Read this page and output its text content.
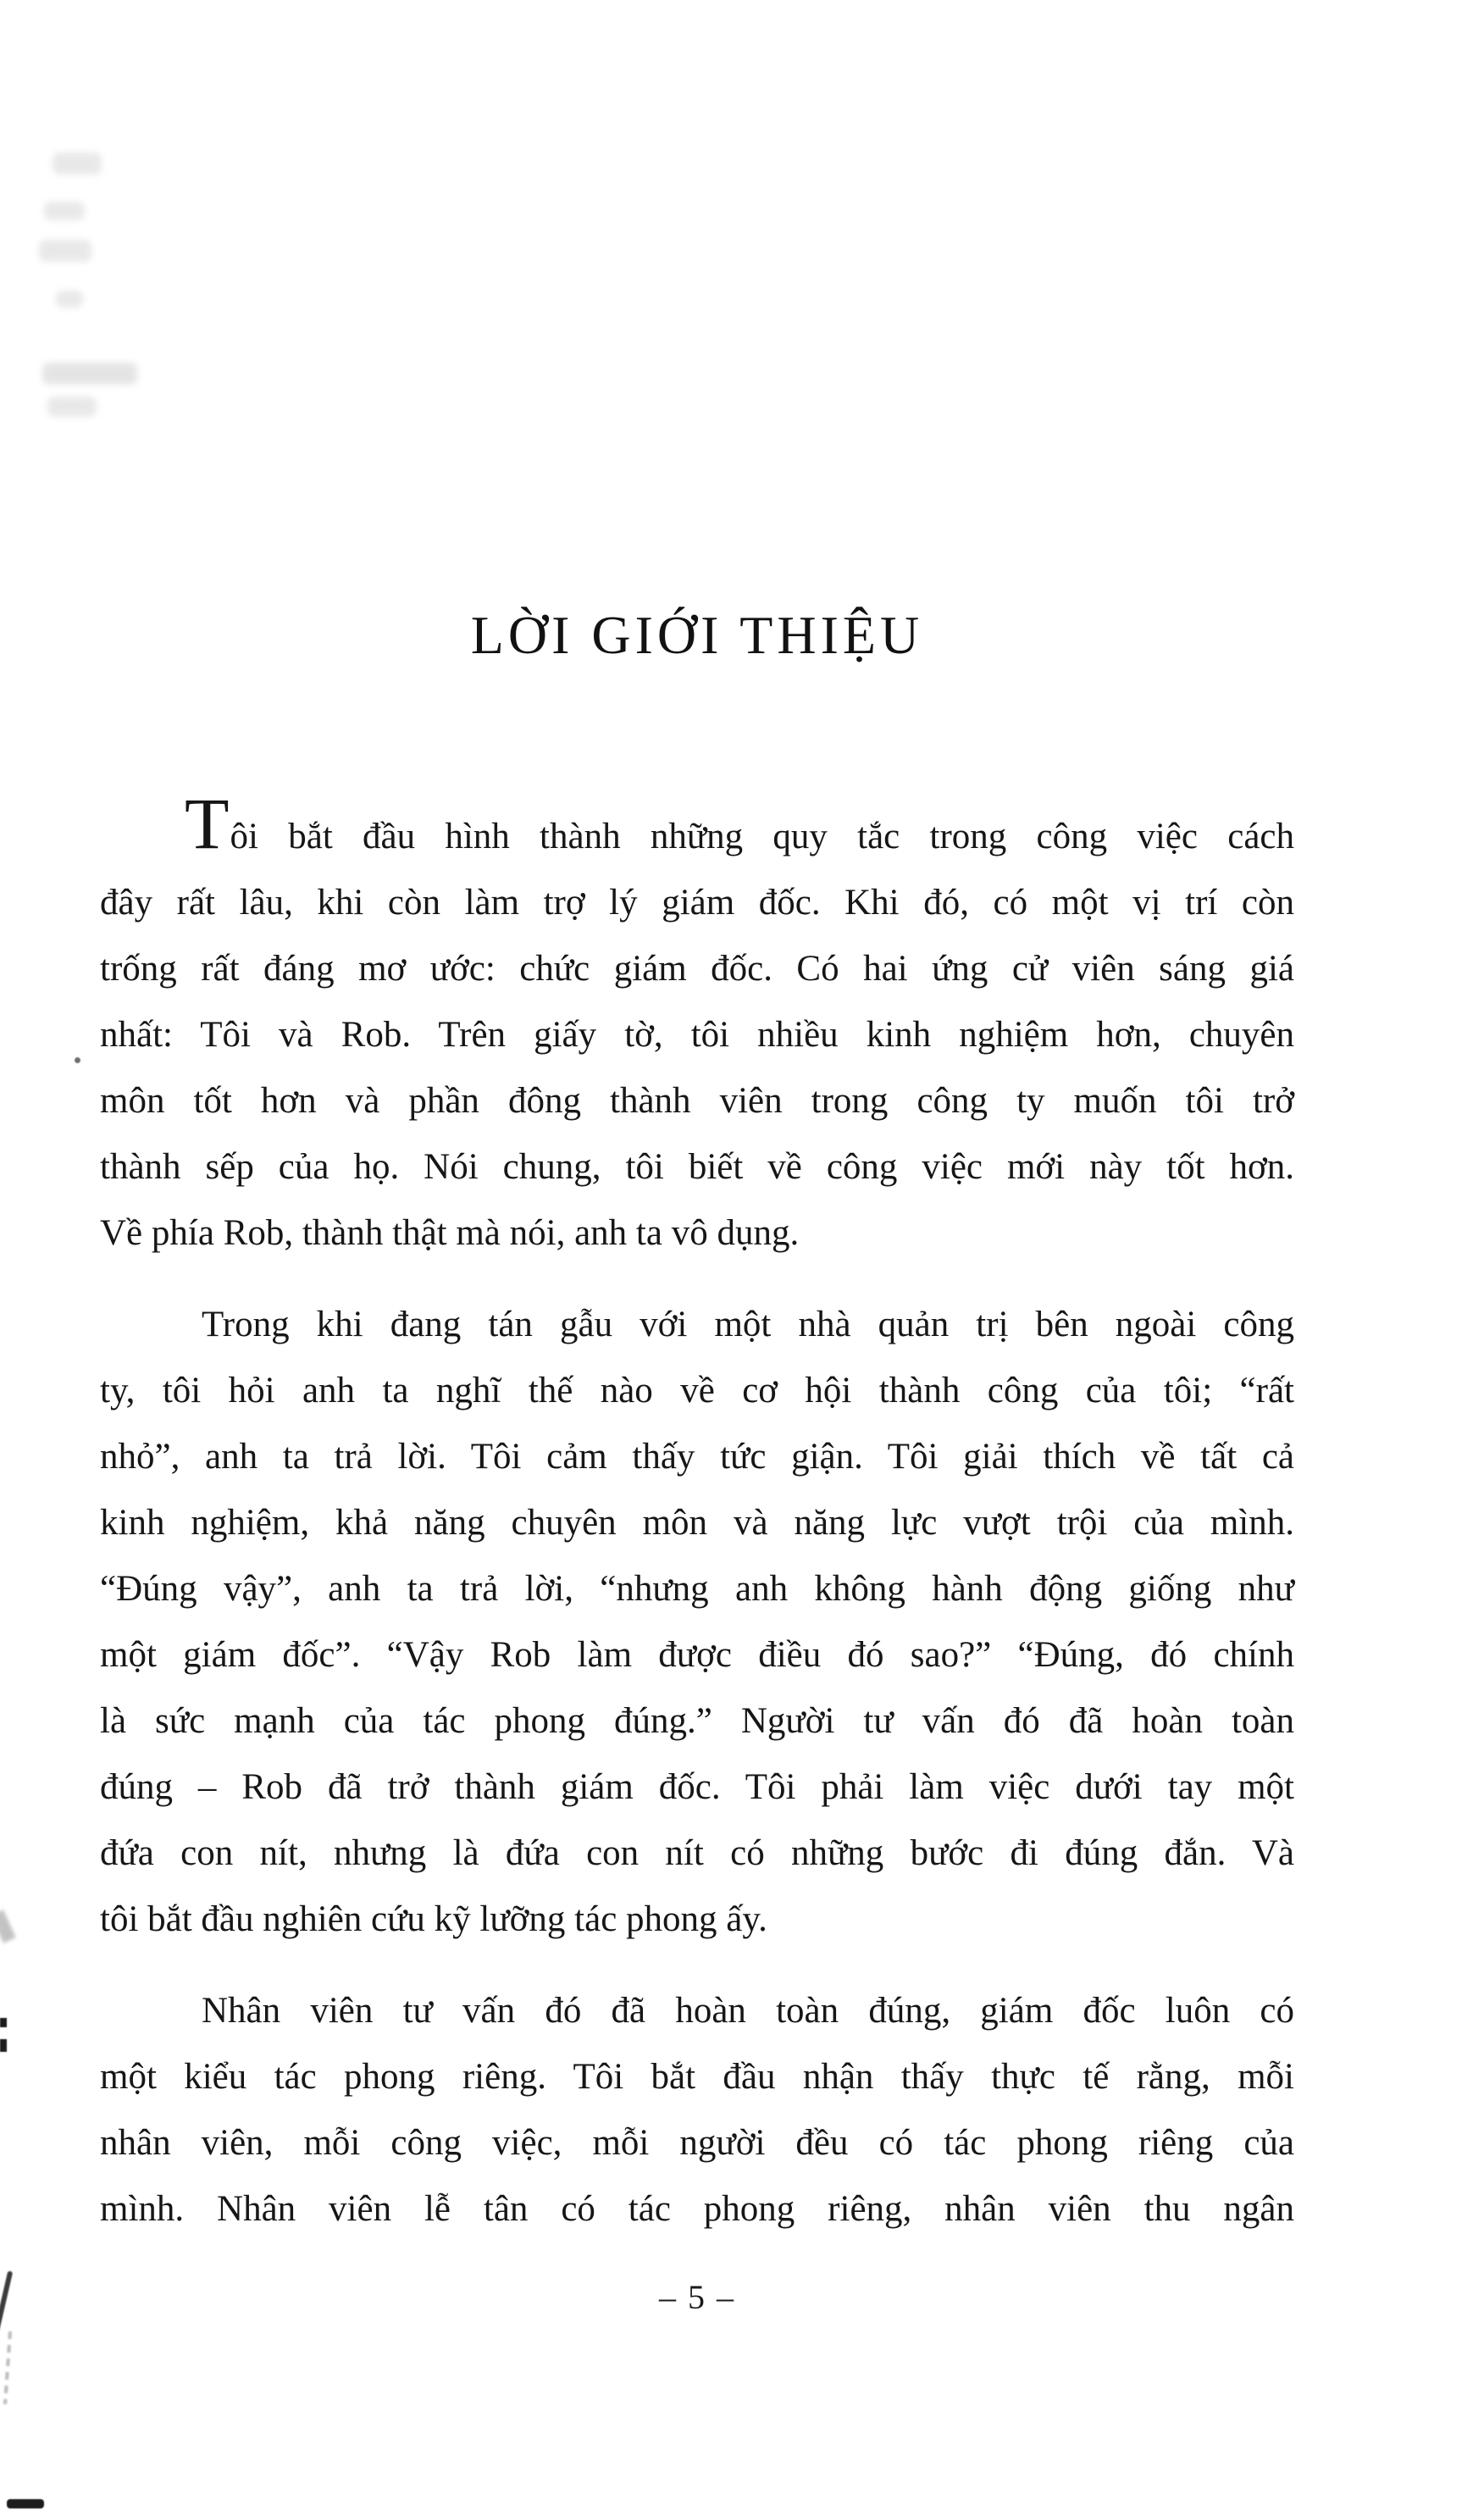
LỜI GIỚI THIỆU
Tôi bắt đầu hình thành những quy tắc trong công việc cách
đây rất lâu, khi còn làm trợ lý giám đốc. Khi đó, có một vị trí còn
trống rất đáng mơ ước: chức giám đốc. Có hai ứng cử viên sáng giá
nhất: Tôi và Rob. Trên giấy tờ, tôi nhiều kinh nghiệm hơn, chuyên
môn tốt hơn và phần đông thành viên trong công ty muốn tôi trở
thành sếp của họ. Nói chung, tôi biết về công việc mới này tốt hơn.
Về phía Rob, thành thật mà nói, anh ta vô dụng.
Trong khi đang tán gẫu với một nhà quản trị bên ngoài công
ty, tôi hỏi anh ta nghĩ thế nào về cơ hội thành công của tôi; “rất
nhỏ”, anh ta trả lời. Tôi cảm thấy tức giận. Tôi giải thích về tất cả
kinh nghiệm, khả năng chuyên môn và năng lực vượt trội của mình.
“Đúng vậy”, anh ta trả lời, “nhưng anh không hành động giống như
một giám đốc”. “Vậy Rob làm được điều đó sao?” “Đúng, đó chính
là sức mạnh của tác phong đúng.” Người tư vấn đó đã hoàn toàn
đúng – Rob đã trở thành giám đốc. Tôi phải làm việc dưới tay một
đứa con nít, nhưng là đứa con nít có những bước đi đúng đắn. Và
tôi bắt đầu nghiên cứu kỹ lưỡng tác phong ấy.
Nhân viên tư vấn đó đã hoàn toàn đúng, giám đốc luôn có
một kiểu tác phong riêng. Tôi bắt đầu nhận thấy thực tế rằng, mỗi
nhân viên, mỗi công việc, mỗi người đều có tác phong riêng của
mình. Nhân viên lễ tân có tác phong riêng, nhân viên thu ngân
– 5 –
